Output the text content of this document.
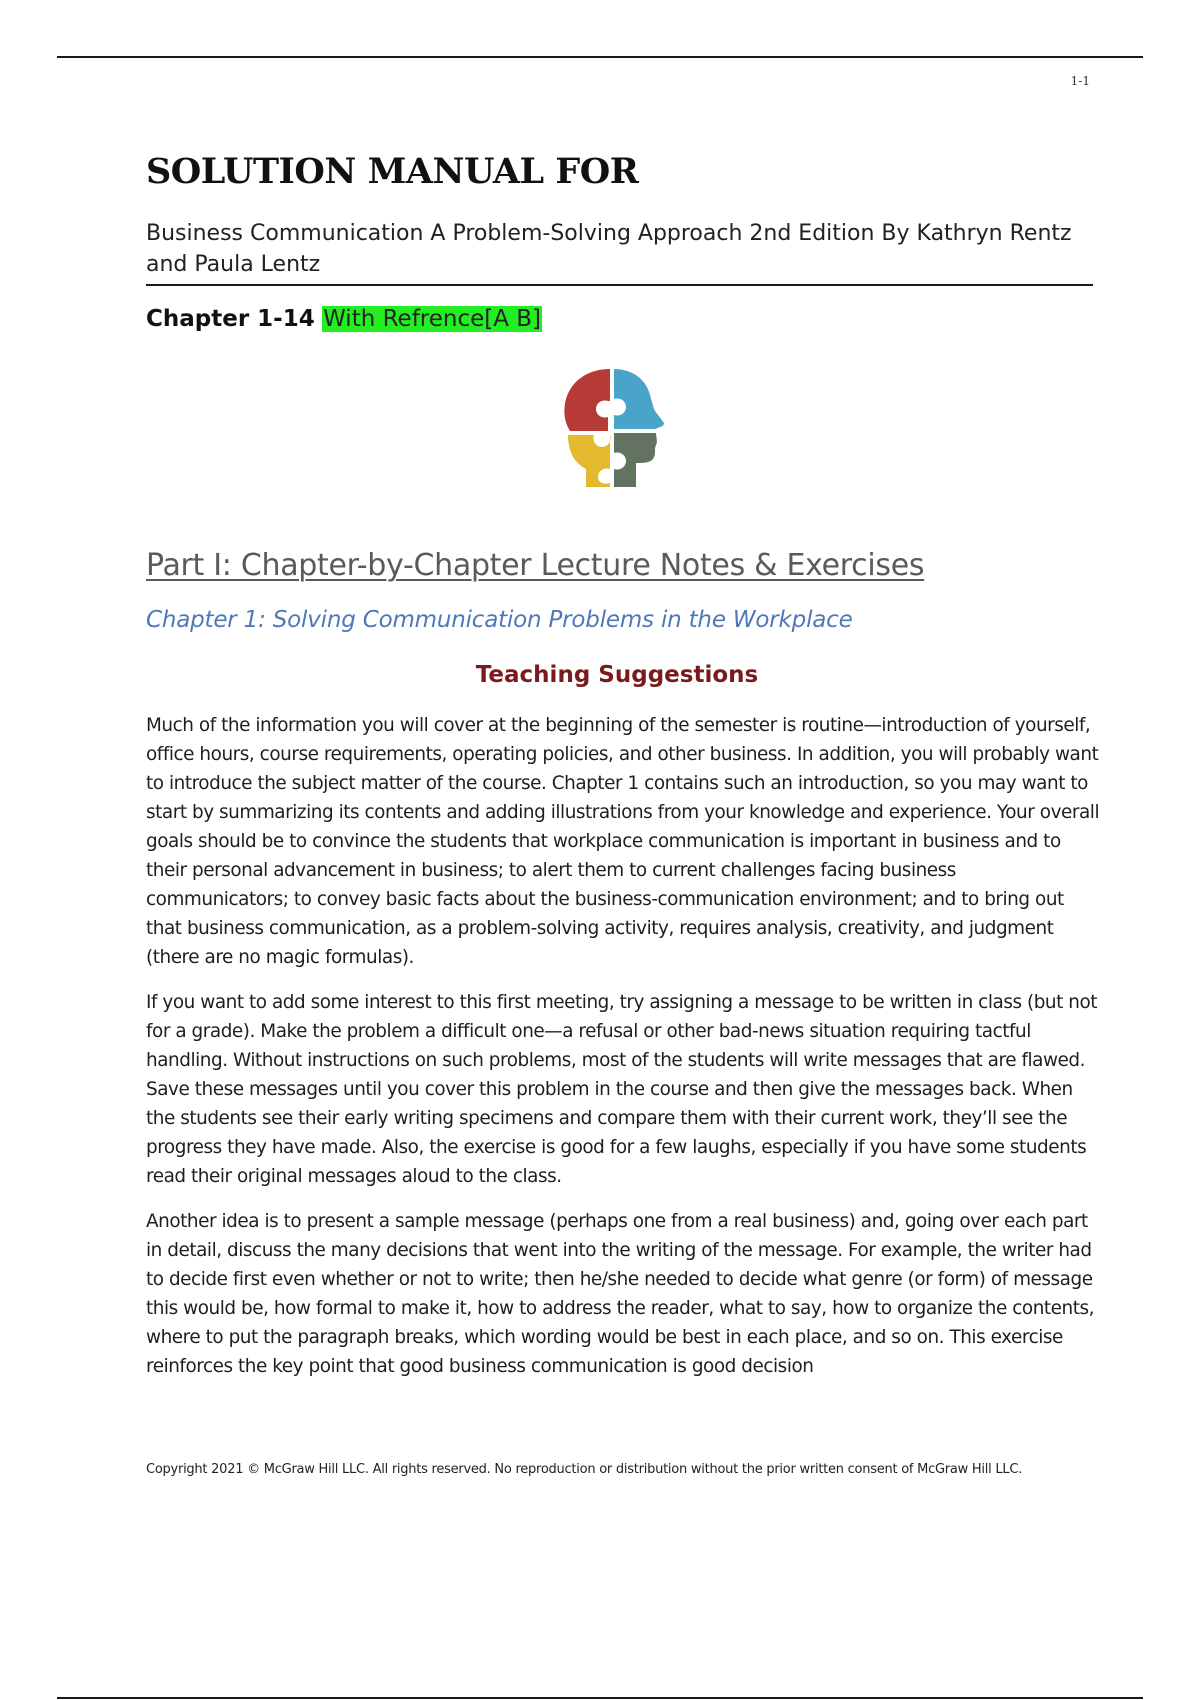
1-1
SOLUTION MANUAL FOR

Business Communication A Problem-Solving Approach 2nd Edition By Kathryn Rentz and Paula Lentz

Chapter 1-14 With Refrence[A B]
Part I: Chapter-by-Chapter Lecture Notes & Exercises
Chapter 1: Solving Communication Problems in the Workplace
Teaching Suggestions

Much of the information you will cover at the beginning of the semester is routine—introduction of yourself, office hours, course requirements, operating policies, and other business. In addition, you will probably want to introduce the subject matter of the course. Chapter 1 contains such an introduction, so you may want to start by summarizing its contents and adding illustrations from your knowledge and experience. Your overall goals should be to convince the students that workplace communication is important in business and to their personal advancement in business; to alert them to current challenges facing business communicators; to convey basic facts about the business-communication environment; and to bring out that business communication, as a problem-solving activity, requires analysis, creativity, and judgment (there are no magic formulas).

If you want to add some interest to this first meeting, try assigning a message to be written in class (but not for a grade). Make the problem a difficult one—a refusal or other bad-news situation requiring tactful handling. Without instructions on such problems, most of the students will write messages that are flawed. Save these messages until you cover this problem in the course and then give the messages back. When the students see their early writing specimens and compare them with their current work, they’ll see the progress they have made. Also, the exercise is good for a few laughs, especially if you have some students read their original messages aloud to the class.

Another idea is to present a sample message (perhaps one from a real business) and, going over each part in detail, discuss the many decisions that went into the writing of the message. For example, the writer had to decide first even whether or not to write; then he/she needed to decide what genre (or form) of message this would be, how formal to make it, how to address the reader, what to say, how to organize the contents, where to put the paragraph breaks, which wording would be best in each place, and so on. This exercise reinforces the key point that good business communication is good decision

Copyright 2021 © McGraw Hill LLC. All rights reserved. No reproduction or distribution without the prior written consent of McGraw Hill LLC.
